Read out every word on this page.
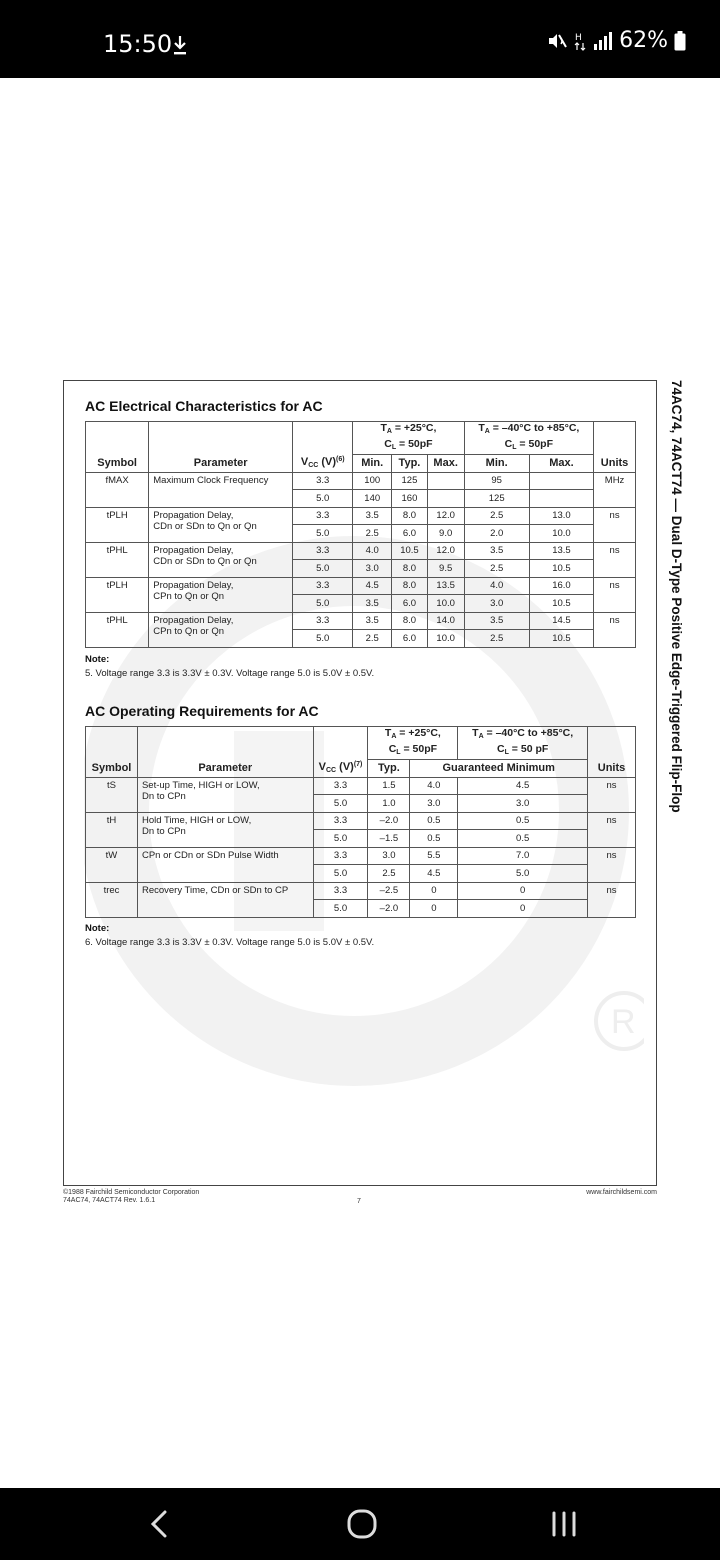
15:50	H 62%
R
74AC74, 74ACT74 — Dual D-Type Positive Edge-Triggered Flip-Flop
AC Electrical Characteristics for AC
Symbol	Parameter	$V_{CC}$ $(V)^{(6)}$	$T_A = +25^\circ C$,
$C_L = 50pF$			$T_A = -40^\circ C$ to +85°C,
$C_L = 50pF$		Units
			Min.	Typ.	Max.	Min.	Max.	
fMAX	Maximum Clock Frequency	3.3	100	125		95		MHz
		5.0	140	160		125		
tPLH	Propagation Delay,
CDn or SDn to Qn or Qn	3.3	3.5	8.0	12.0	2.5	13.0	ns
		5.0	2.5	6.0	9.0	2.0	10.0	
tPHL	Propagation Delay,
CDn or SDn to Qn or Qn	3.3	4.0	10.5	12.0	3.5	13.5	ns
		5.0	3.0	8.0	9.5	2.5	10.5	
tPLH	Propagation Delay,
CPn to Qn or Qn	3.3	4.5	8.0	13.5	4.0	16.0	ns
		5.0	3.5	6.0	10.0	3.0	10.5	
tPHL	Propagation Delay,
CPn to Qn or Qn	3.3	3.5	8.0	14.0	3.5	14.5	ns
		5.0	2.5	6.0	10.0	2.5	10.5	
Note:
5. Voltage range 3.3 is 3.3V ± 0.3V. Voltage range 5.0 is 5.0V ± 0.5V.
AC Operating Requirements for AC
Symbol	Parameter	$V_{CC}$ $(V)^{(7)}$	$T_A = +25^\circ C$,
$C_L = 50pF$		$T_A = -40^\circ C$ to +85°C,
$C_L = 50$ pF	Units
			Typ.	Guaranteed Minimum		
tS	Set-up Time, HIGH or LOW,
Dn to CPn	3.3	1.5	4.0	4.5	ns
		5.0	1.0	3.0	3.0	
tH	Hold Time, HIGH or LOW,
Dn to CPn	3.3	–2.0	0.5	0.5	ns
		5.0	–1.5	0.5	0.5	
tW	CPn or CDn or SDn Pulse Width	3.3	3.0	5.5	7.0	ns
		5.0	2.5	4.5	5.0	
trec	Recovery Time, CDn or SDn to CP	3.3	–2.5	0	0	ns
		5.0	–2.0	0	0	
Note:
6. Voltage range 3.3 is 3.3V ± 0.3V. Voltage range 5.0 is 5.0V ± 0.5V.
©1988 Fairchild Semiconductor Corporation
74AC74, 74ACT74 Rev. 1.6.1	7
www.fairchildsemi.com
